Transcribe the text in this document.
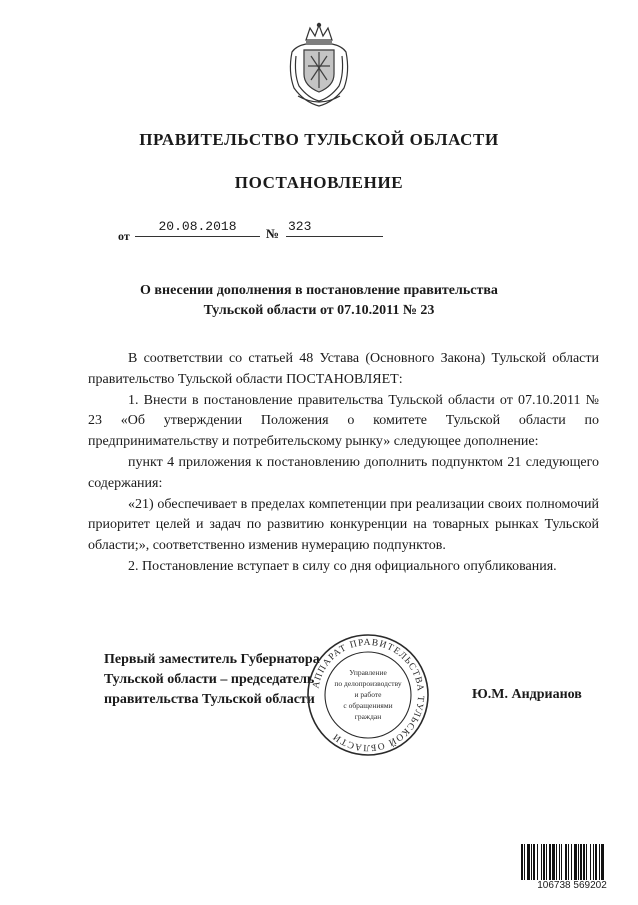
ПРАВИТЕЛЬСТВО ТУЛЬСКОЙ ОБЛАСТИ
ПОСТАНОВЛЕНИЕ
от
20.08.2018	№ 323
О внесении дополнения в постановление правительства
Тульской области от 07.10.2011 № 23

В соответствии со статьей 48 Устава (Основного Закона) Тульской области правительство Тульской области ПОСТАНОВЛЯЕТ:

1. Внести в постановление правительства Тульской области от 07.10.2011 № 23 «Об утверждении Положения о комитете Тульской области по предпринимательству и потребительскому рынку» следующее дополнение:

пункт 4 приложения к постановлению дополнить подпунктом 21 следующего содержания:

«21) обеспечивает в пределах компетенции при реализации своих полномочий приоритет целей и задач по развитию конкуренции на товарных рынках Тульской области;», соответственно изменив нумерацию подпунктов.

2. Постановление вступает в силу со дня официального опубликования.

Первый заместитель Губернатора
Тульской области – председатель
правительства Тульской области	Ю.М. Андрианов
АППАРАТ ПРАВИТЕЛЬСТВА ТУЛЬСКОЙ ОБЛАСТИ
Управление
по делопроизводству
и работе
с обращениями
граждан
106738 569202
